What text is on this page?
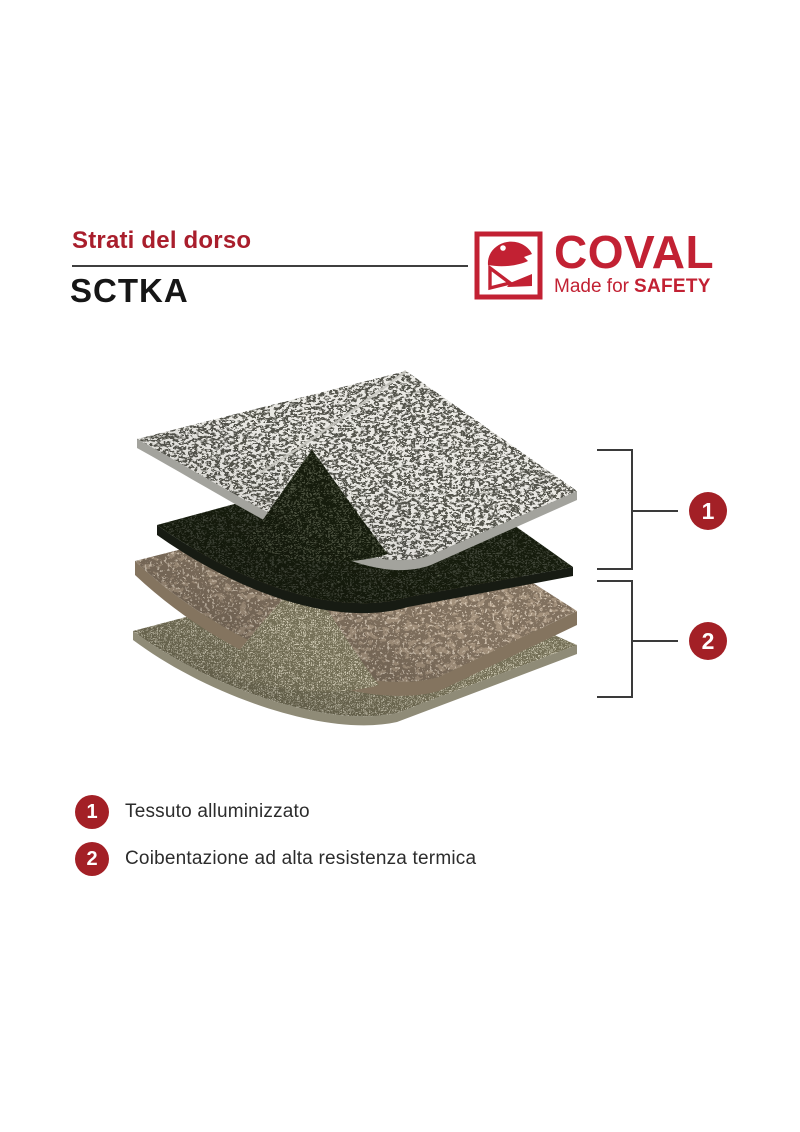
Strati del dorso
SCTKA
COVAL
Made for SAFETY
1
2
1	Tessuto alluminizzato
2	Coibentazione ad alta resistenza termica
